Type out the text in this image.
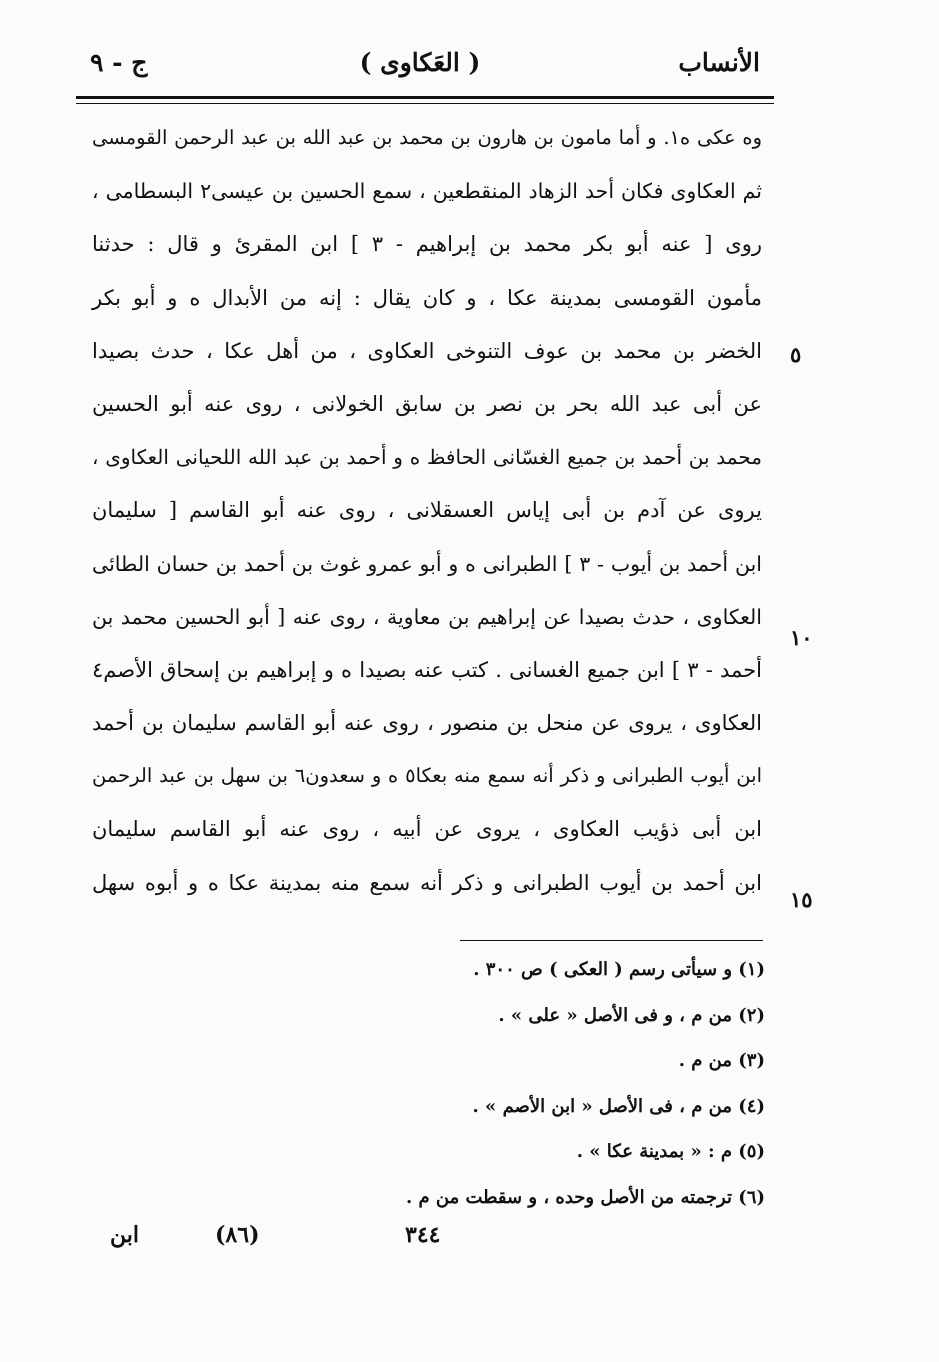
الأنساب
( العَكاوى )
ج - ٩
وه عكى ه١. و أما مامون بن هارون بن محمد بن عبد الله بن عبد الرحمن القومسى
ثم العكاوى فكان أحد الزهاد المنقطعين ، سمع الحسين بن عيسى٢ البسطامى ،
روى [ عنه أبو بكر محمد بن إبراهيم - ٣ ] ابن المقرئ و قال : حدثنا
مأمون القومسى بمدينة عكا ، و كان يقال : إنه من الأبدال ه و أبو بكر
الخضر بن محمد بن عوف التنوخى العكاوى ، من أهل عكا ، حدث بصيدا
عن أبى عبد الله بحر بن نصر بن سابق الخولانى ، روى عنه أبو الحسين
محمد بن أحمد بن جميع الغسّانى الحافظ ه و أحمد بن عبد الله اللحيانى العكاوى ،
يروى عن آدم بن أبى إياس العسقلانى ، روى عنه أبو القاسم [ سليمان
ابن أحمد بن أيوب - ٣ ] الطبرانى ه و أبو عمرو غوث بن أحمد بن حسان الطائى
العكاوى ، حدث بصيدا عن إبراهيم بن معاوية ، روى عنه [ أبو الحسين محمد بن
أحمد - ٣ ] ابن جميع الغسانى . كتب عنه بصيدا ه و إبراهيم بن إسحاق الأصم٤
العكاوى ، يروى عن منحل بن منصور ، روى عنه أبو القاسم سليمان بن أحمد
ابن أيوب الطبرانى و ذكر أنه سمع منه بعكا٥ ه و سعدون٦ بن سهل بن عبد الرحمن
ابن أبى ذؤيب العكاوى ، يروى عن أبيه ، روى عنه أبو القاسم سليمان
ابن أحمد بن أيوب الطبرانى و ذكر أنه سمع منه بمدينة عكا ه و أبوه سهل
٥
١٠
١٥
(١) و سيأتى رسم ( العكى ) ص ٣٠٠ .
(٢) من م ، و فى الأصل « على » .
(٣) من م .
(٤) من م ، فى الأصل « ابن الأصم » .
(٥) م : « بمدينة عكا » .
(٦) ترجمته من الأصل وحده ، و سقطت من م .
٣٤٤
(٨٦)
ابن
